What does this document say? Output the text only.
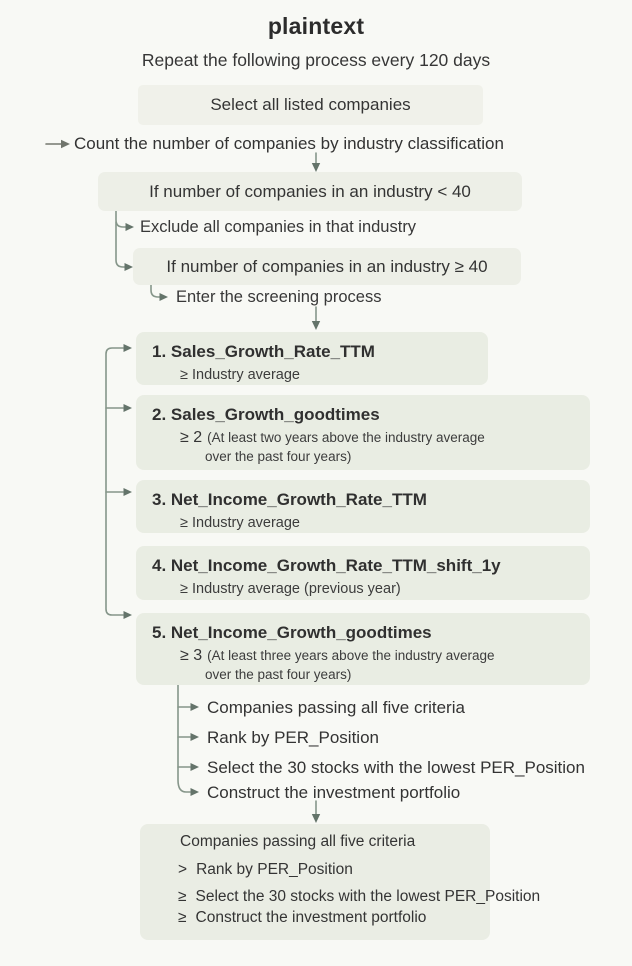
plaintext
Repeat the following process every 120 days
Select all listed companies
Count the number of companies by industry classification
If number of companies in an industry < 40
Exclude all companies in that industry
If number of companies in an industry ≥ 40
Enter the screening process
1. Sales_Growth_Rate_TTM
≥ Industry average
2. Sales_Growth_goodtimes
≥ 2 (At least two years above the industry average
over the past four years)
3. Net_Income_Growth_Rate_TTM
≥ Industry average
4. Net_Income_Growth_Rate_TTM_shift_1y
≥ Industry average (previous year)
5. Net_Income_Growth_goodtimes
≥ 3 (At least three years above the industry average
over the past four years)
Companies passing all five criteria
Rank by PER_Position
Select the 30 stocks with the lowest PER_Position
Construct the investment portfolio
Companies passing all five criteria
> Rank by PER_Position
≥ Select the 30 stocks with the lowest PER_Position
≥ Construct the investment portfolio
